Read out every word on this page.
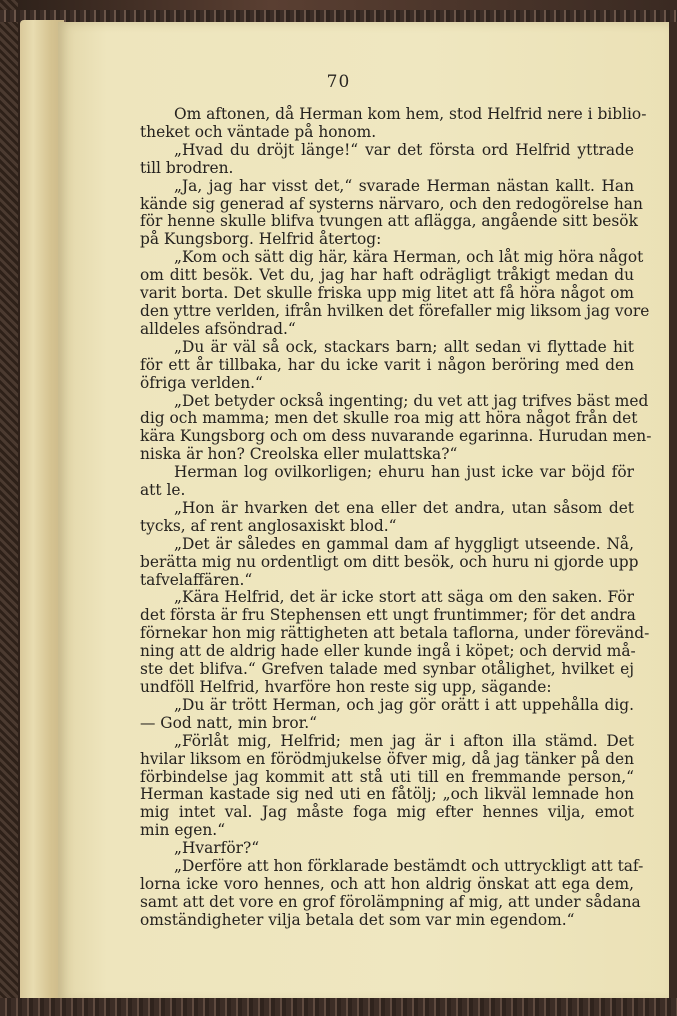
70

Om aftonen, då Herman kom hem, stod Helfrid nere i biblio-
theket och väntade på honom.

„Hvad du dröjt länge!“ var det första ord Helfrid yttrade
till brodren.

„Ja, jag har visst det,“ svarade Herman nästan kallt. Han
kände sig generad af systerns närvaro, och den redogörelse han
för henne skulle blifva tvungen att aflägga, angående sitt besök
på Kungsborg. Helfrid återtog:

„Kom och sätt dig här, kära Herman, och låt mig höra något
om ditt besök. Vet du, jag har haft odrägligt tråkigt medan du
varit borta. Det skulle friska upp mig litet att få höra något om
den yttre verlden, ifrån hvilken det förefaller mig liksom jag vore
alldeles afsöndrad.“

„Du är väl så ock, stackars barn; allt sedan vi flyttade hit
för ett år tillbaka, har du icke varit i någon beröring med den
öfriga verlden.“

„Det betyder också ingenting; du vet att jag trifves bäst med
dig och mamma; men det skulle roa mig att höra något från det
kära Kungsborg och om dess nuvarande egarinna. Hurudan men-
niska är hon? Creolska eller mulattska?“

Herman log ovilkorligen; ehuru han just icke var böjd för
att le.

„Hon är hvarken det ena eller det andra, utan såsom det
tycks, af rent anglosaxiskt blod.“

„Det är således en gammal dam af hyggligt utseende. Nå,
berätta mig nu ordentligt om ditt besök, och huru ni gjorde upp
tafvelaffären.“

„Kära Helfrid, det är icke stort att säga om den saken. För
det första är fru Stephensen ett ungt fruntimmer; för det andra
förnekar hon mig rättigheten att betala taflorna, under förevänd-
ning att de aldrig hade eller kunde ingå i köpet; och dervid må-
ste det blifva.“ Grefven talade med synbar otålighet, hvilket ej
undföll Helfrid, hvarföre hon reste sig upp, sägande:

„Du är trött Herman, och jag gör orätt i att uppehålla dig.
— God natt, min bror.“

„Förlåt mig, Helfrid; men jag är i afton illa stämd. Det
hvilar liksom en förödmjukelse öfver mig, då jag tänker på den
förbindelse jag kommit att stå uti till en fremmande person,“
Herman kastade sig ned uti en fåtölj; „och likväl lemnade hon
mig intet val. Jag måste foga mig efter hennes vilja, emot
min egen.“

„Hvarför?“

„Derföre att hon förklarade bestämdt och uttryckligt att taf-
lorna icke voro hennes, och att hon aldrig önskat att ega dem,
samt att det vore en grof förolämpning af mig, att under sådana
omständigheter vilja betala det som var min egendom.“
